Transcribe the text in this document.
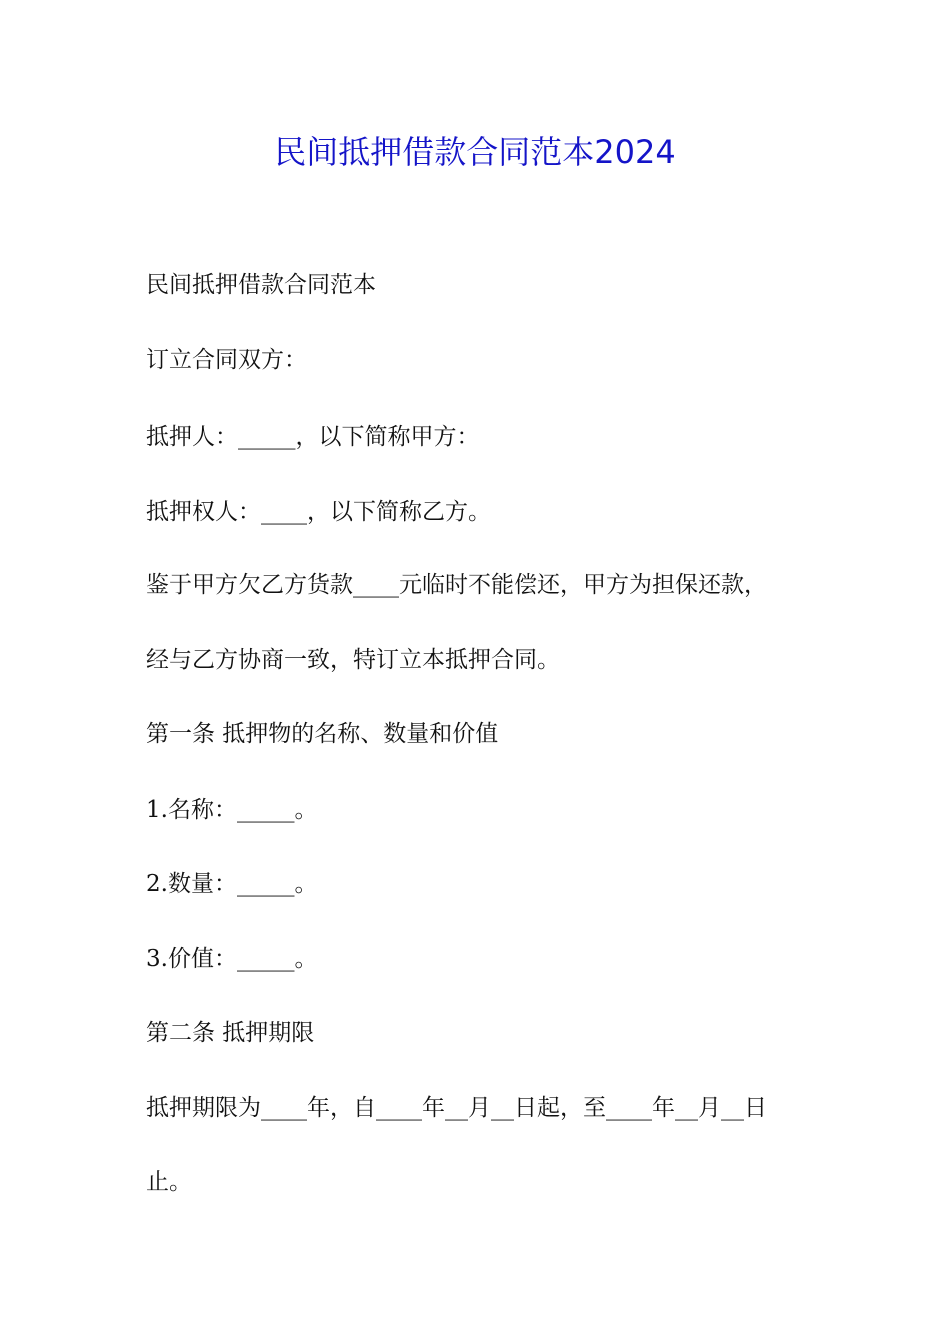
民间抵押借款合同范本2024

民间抵押借款合同范本

订立合同双方：

抵押人：_____，以下简称甲方：

抵押权人：____，以下简称乙方。

鉴于甲方欠乙方货款____元临时不能偿还，甲方为担保还款，

经与乙方协商一致，特订立本抵押合同。

第一条 抵押物的名称、数量和价值

1.名称：_____。

2.数量：_____。

3.价值：_____。

第二条 抵押期限

抵押期限为____年，自____年__月__日起，至____年__月__日

止。
